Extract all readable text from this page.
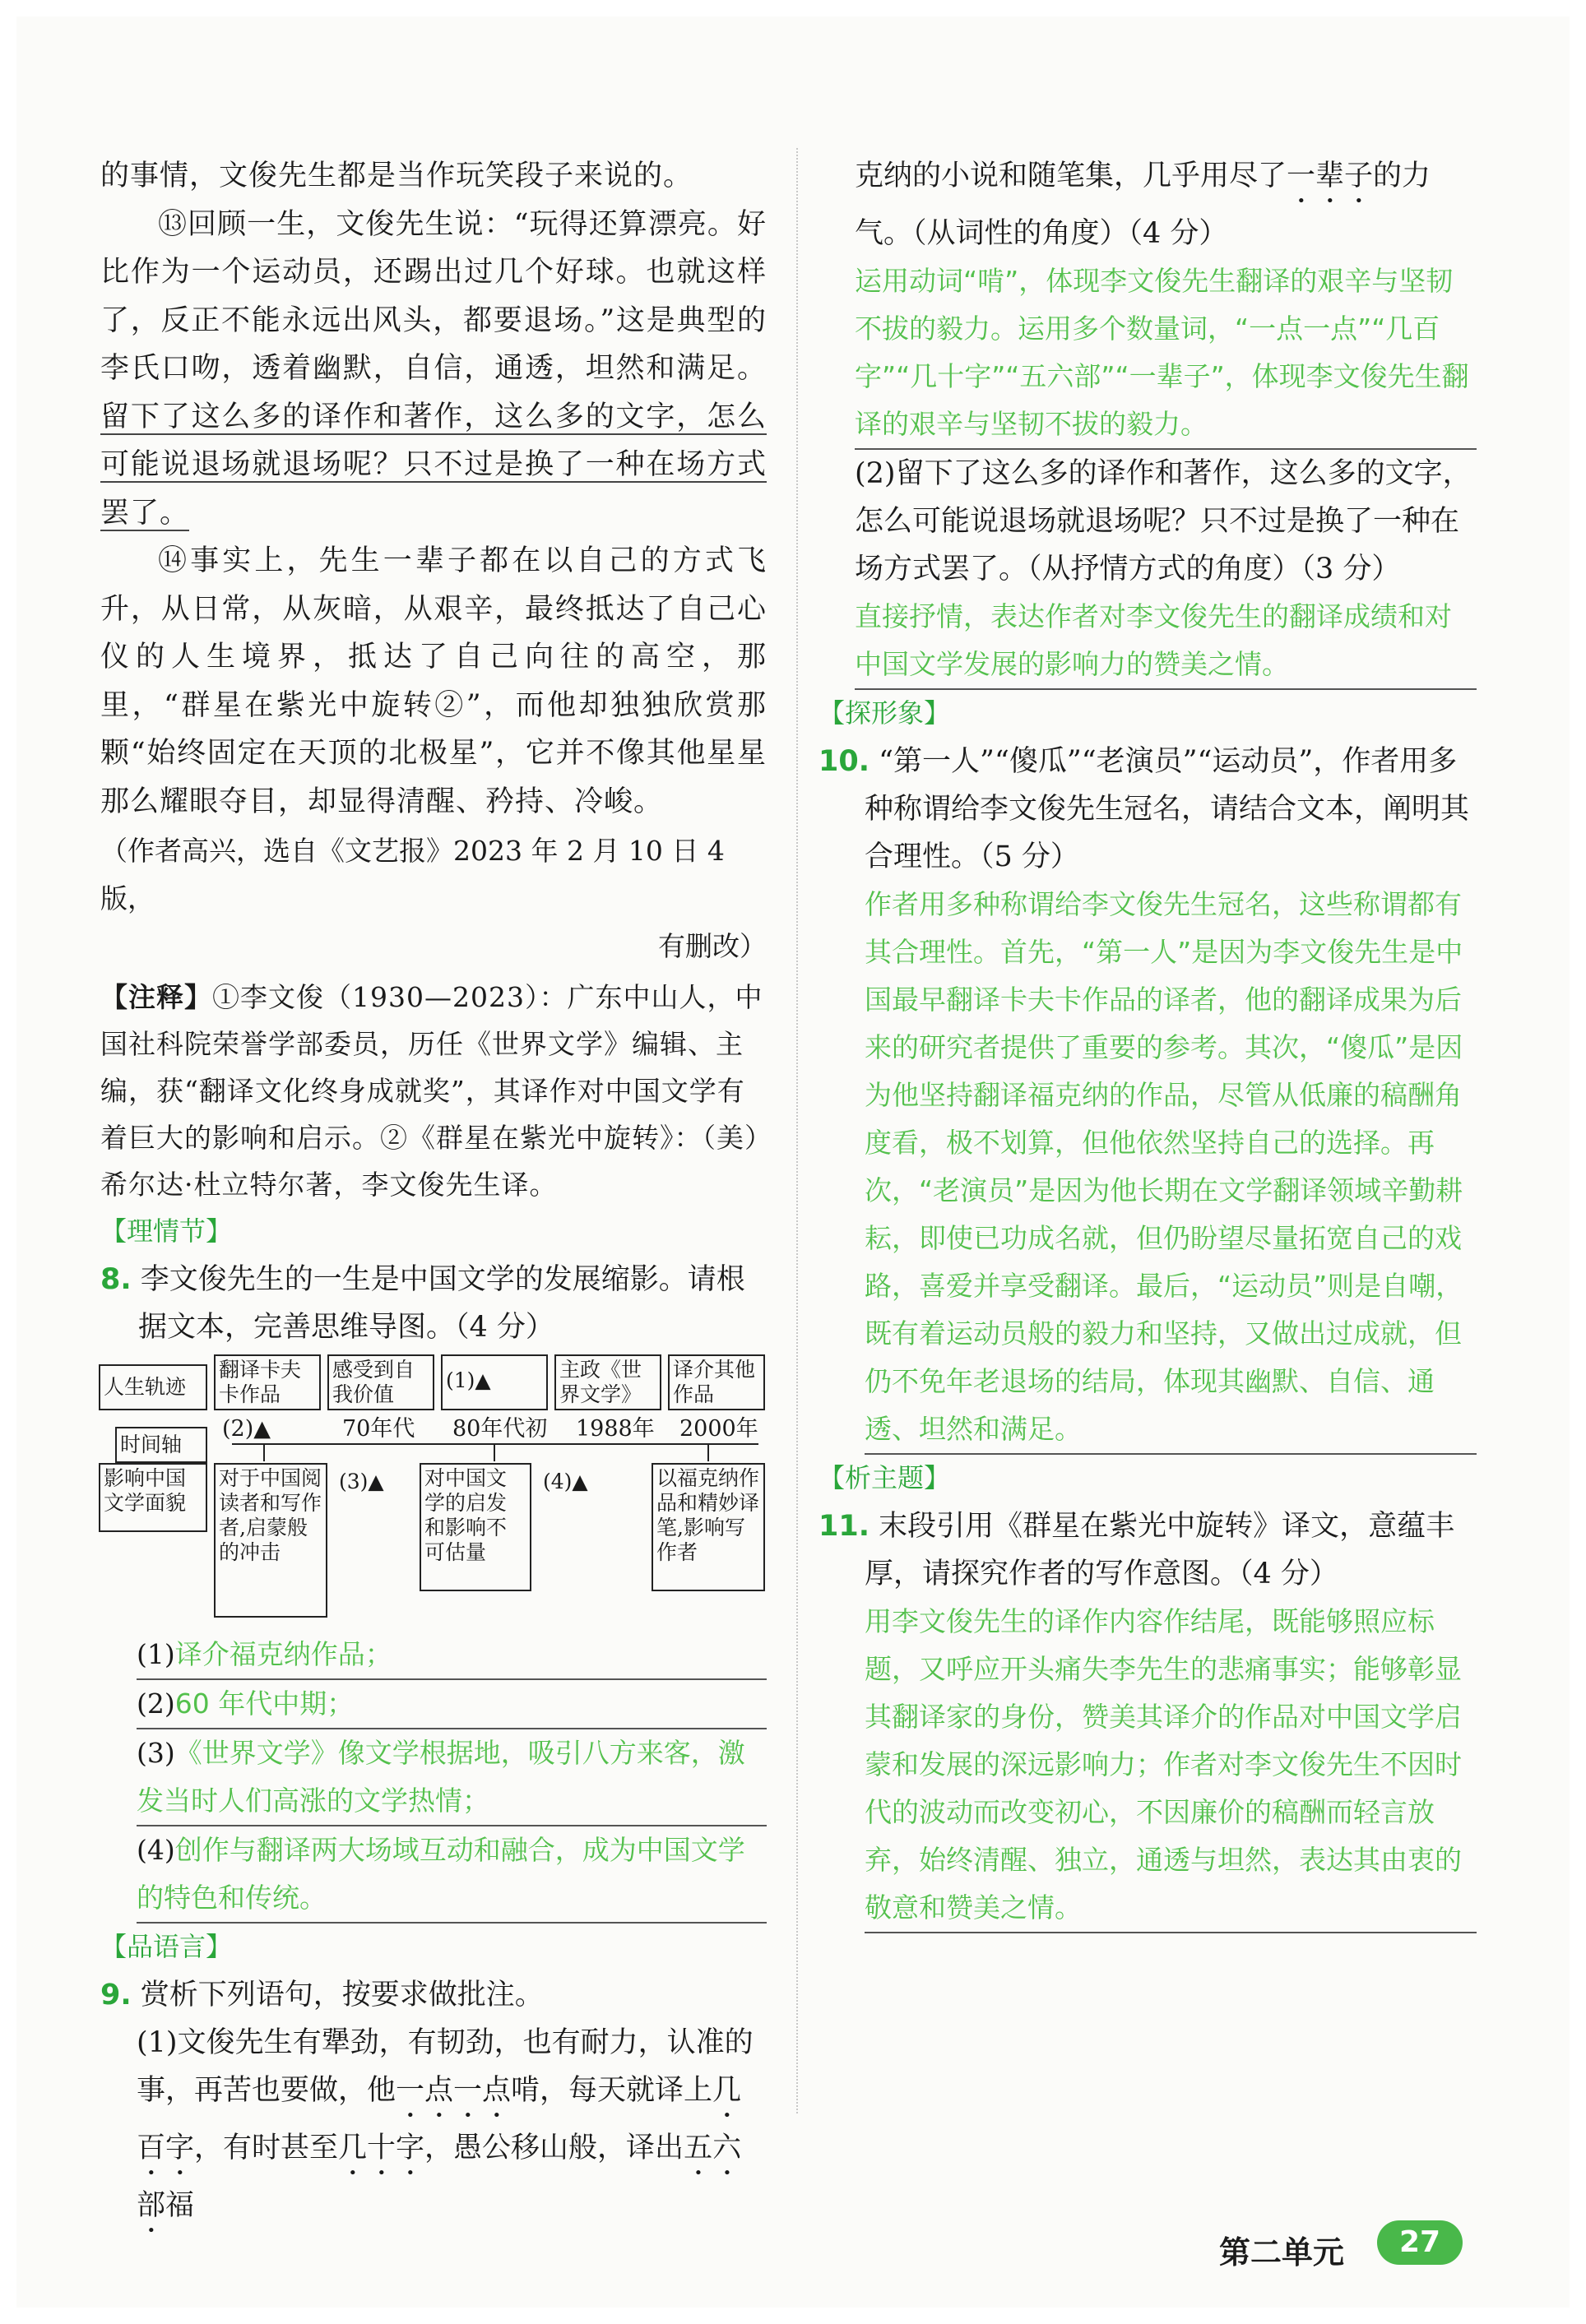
的事情，文俊先生都是当作玩笑段子来说的。

⑬回顾一生，文俊先生说：“玩得还算漂亮。好比作为一个运动员，还踢出过几个好球。也就这样了，反正不能永远出风头，都要退场。”这是典型的李氏口吻，透着幽默，自信，通透，坦然和满足。留下了这么多的译作和著作，这么多的文字，怎么可能说退场就退场呢？只不过是换了一种在场方式罢了。

⑭事实上，先生一辈子都在以自己的方式飞升，从日常，从灰暗，从艰辛，最终抵达了自己心仪的人生境界，抵达了自己向往的高空，那里，“群星在紫光中旋转②”，而他却独独欣赏那颗“始终固定在天顶的北极星”，它并不像其他星星那么耀眼夺目，却显得清醒、矜持、冷峻。

（作者高兴，选自《文艺报》2023 年 2 月 10 日 4 版，

有删改）

【注释】①李文俊（1930—2023）：广东中山人，中国社科院荣誉学部委员，历任《世界文学》编辑、主编，获“翻译文化终身成就奖”，其译作对中国文学有着巨大的影响和启示。②《群星在紫光中旋转》：（美）希尔达·杜立特尔著，李文俊先生译。

【理情节】

8. 李文俊先生的一生是中国文学的发展缩影。请根据文本，完善思维导图。（4 分）

人生轨迹
翻译卡夫卡作品
感受到自我价值
(1)▲	主政《世界文学》
译介其他作品
时间轴
(2)▲	70年代 80年代初 1988年 2000年
影响中国文学面貌
对于中国阅读者和写作者,启蒙般的冲击
(3)▲ 对中国文学的启发和影响不可估量
(4)▲	以福克纳作品和精妙译笔,影响写作者

(1)译介福克纳作品；

(2)60 年代中期；

(3)《世界文学》像文学根据地，吸引八方来客，激发当时人们高涨的文学热情；

(4)创作与翻译两大场域互动和融合，成为中国文学的特色和传统。

【品语言】

9. 赏析下列语句，按要求做批注。

(1)文俊先生有犟劲，有韧劲，也有耐力，认准的事，再苦也要做，他一点一点啃，每天就译上几百字，有时甚至几十字，愚公移山般，译出五六部福

克纳的小说和随笔集，几乎用尽了一辈子的力气。（从词性的角度）（4 分）

运用动词“啃”，体现李文俊先生翻译的艰辛与坚韧不拔的毅力。运用多个数量词，“一点一点”“几百字”“几十字”“五六部”“一辈子”，体现李文俊先生翻译的艰辛与坚韧不拔的毅力。

(2)留下了这么多的译作和著作，这么多的文字，怎么可能说退场就退场呢？只不过是换了一种在场方式罢了。（从抒情方式的角度）（3 分）

直接抒情，表达作者对李文俊先生的翻译成绩和对中国文学发展的影响力的赞美之情。

【探形象】

10. “第一人”“傻瓜”“老演员”“运动员”，作者用多种称谓给李文俊先生冠名，请结合文本，阐明其合理性。（5 分）

作者用多种称谓给李文俊先生冠名，这些称谓都有其合理性。首先，“第一人”是因为李文俊先生是中国最早翻译卡夫卡作品的译者，他的翻译成果为后来的研究者提供了重要的参考。其次，“傻瓜”是因为他坚持翻译福克纳的作品，尽管从低廉的稿酬角度看，极不划算，但他依然坚持自己的选择。再次，“老演员”是因为他长期在文学翻译领域辛勤耕耘，即使已功成名就，但仍盼望尽量拓宽自己的戏路，喜爱并享受翻译。最后，“运动员”则是自嘲，既有着运动员般的毅力和坚持，又做出过成就，但仍不免年老退场的结局，体现其幽默、自信、通透、坦然和满足。

【析主题】

11. 末段引用《群星在紫光中旋转》译文，意蕴丰厚，请探究作者的写作意图。（4 分）

用李文俊先生的译作内容作结尾，既能够照应标题，又呼应开头痛失李先生的悲痛事实；能够彰显其翻译家的身份，赞美其译介的作品对中国文学启蒙和发展的深远影响力；作者对李文俊先生不因时代的波动而改变初心，不因廉价的稿酬而轻言放弃，始终清醒、独立，通透与坦然，表达其由衷的敬意和赞美之情。

第二单元	27
